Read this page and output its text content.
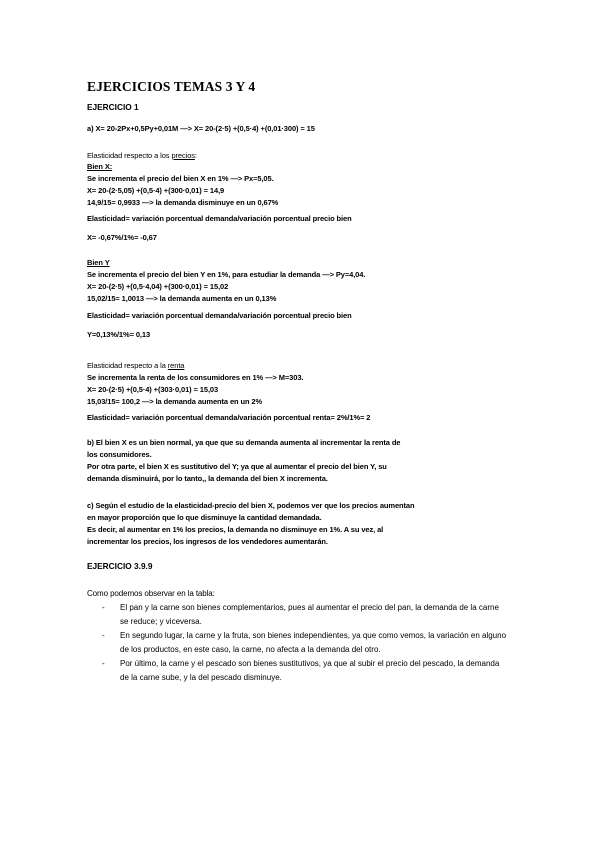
EJERCICIOS TEMAS 3 Y 4

EJERCICIO 1

a) X= 20-2Px+0,5Py+0,01M —> X= 20-(2·5) +(0,5·4) +(0,01·300) = 15

Elasticidad respecto a los precios:

Bien X:

Se incrementa el precio del bien X en 1% —> Px=5,05.

X= 20-(2·5,05) +(0,5·4) +(300·0,01) = 14,9

14,9/15= 0,9933 —> la demanda disminuye en un 0,67%

Elasticidad= variación porcentual demanda/variación porcentual precio bien

X= -0,67%/1%= -0,67

Bien Y

Se incrementa el precio del bien Y en 1%, para estudiar la demanda —> Py=4,04.

X= 20-(2·5) +(0,5·4,04) +(300·0,01) = 15,02

15,02/15= 1,0013 —> la demanda aumenta en un 0,13%

Elasticidad= variación porcentual demanda/variación porcentual precio bien

Y=0,13%/1%= 0,13

Elasticidad respecto a la renta

Se incrementa la renta de los consumidores en 1% —> M=303.

X= 20-(2·5) +(0,5·4) +(303·0,01) = 15,03

15,03/15= 100,2 —> la demanda aumenta en un 2%

Elasticidad= variación porcentual demanda/variación porcentual renta= 2%/1%= 2

b) El bien X es un bien normal, ya que que su demanda aumenta al incrementar la renta de

los consumidores.

Por otra parte, el bien X es sustitutivo del Y; ya que al aumentar el precio del bien Y, su

demanda disminuirá, por lo tanto,, la demanda del bien X incrementa.

c) Según el estudio de la elasticidad-precio del bien X, podemos ver que los precios aumentan

en mayor proporción que lo que disminuye la cantidad demandada.

Es decir, al aumentar en 1% los precios, la demanda no disminuye en 1%. A su vez, al

incrementar los precios, los ingresos de los vendedores aumentarán.

EJERCICIO 3.9.9

Como podemos observar en la tabla:

- El pan y la carne son bienes complementarios, pues al aumentar el precio del pan, la demanda de la carne se reduce; y viceversa.
- En segundo lugar, la carne y la fruta, son bienes independientes, ya que como vemos, la variación en alguno de los productos, en este caso, la carne, no afecta a la demanda del otro.
- Por último, la carne y el pescado son bienes sustitutivos, ya que al subir el precio del pescado, la demanda de la carne sube, y la del pescado disminuye.
